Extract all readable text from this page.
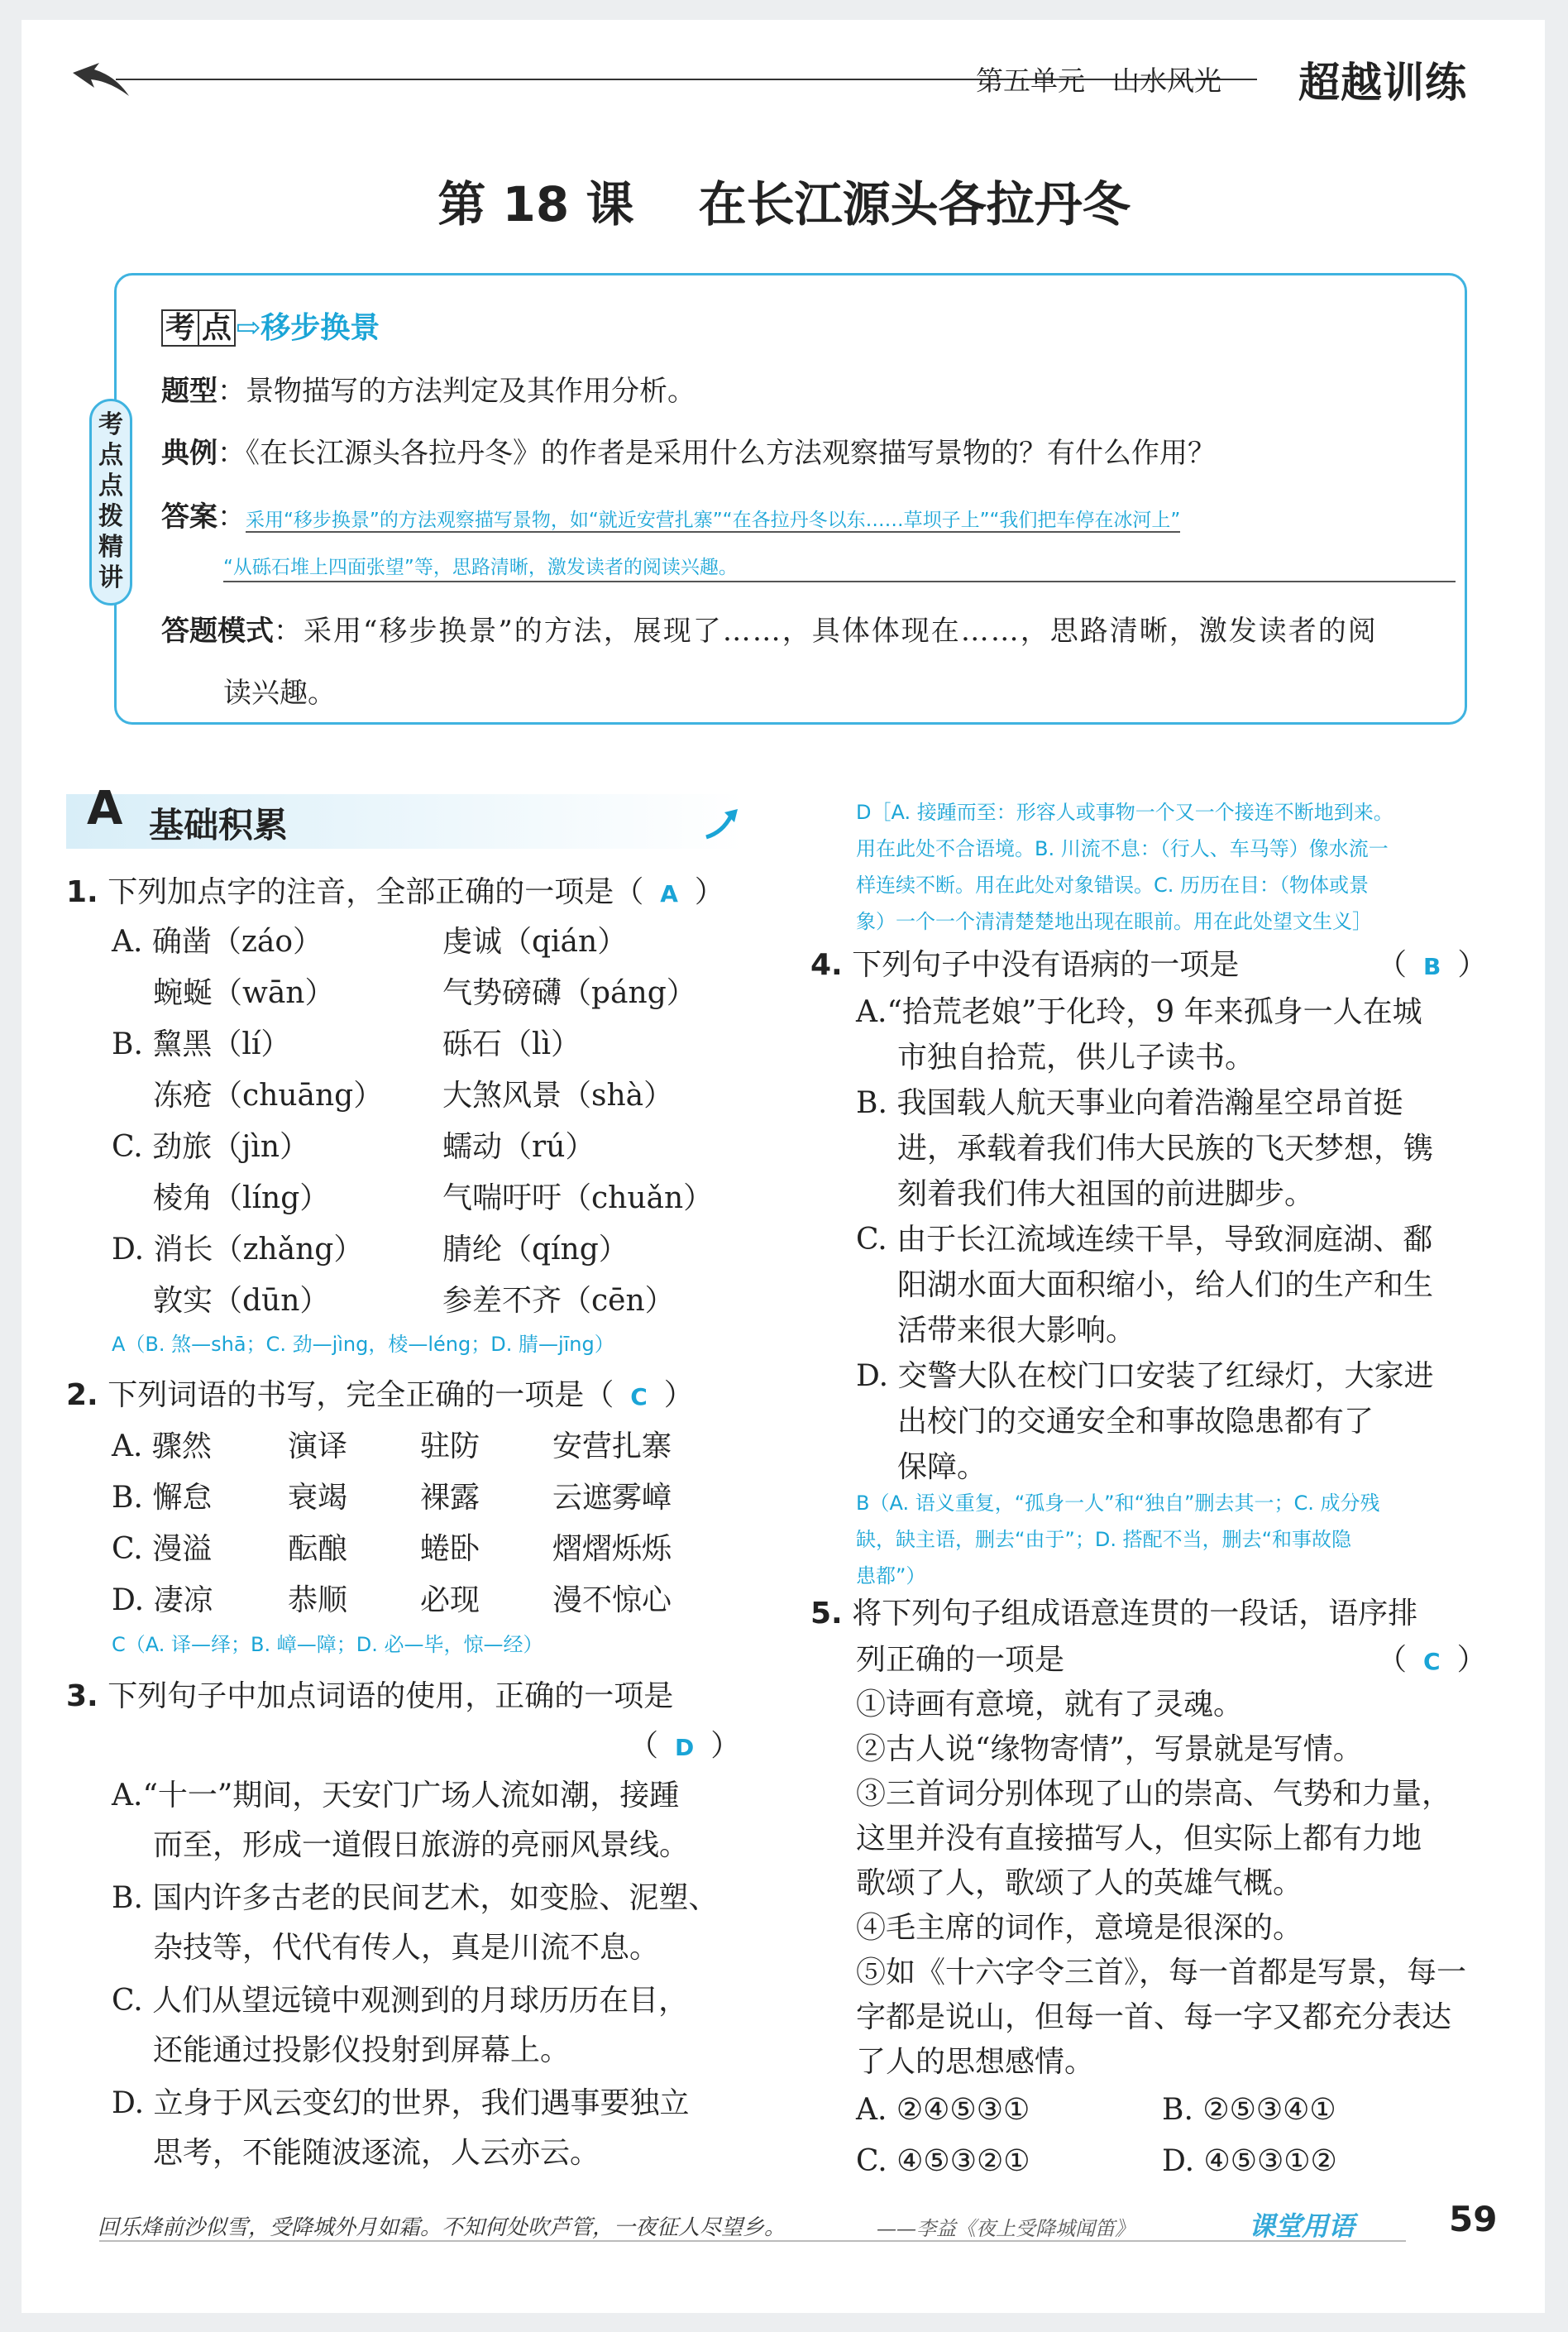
第五单元　山水风光 超越训练
第 18 课　 在长江源头各拉丹冬
考
点
点
拨
精
讲
考 点 ⇨移步换景
题型：景物描写的方法判定及其作用分析。
典例：《在长江源头各拉丹冬》的作者是采用什么方法观察描写景物的？有什么作用？
答案：采用“移步换景”的方法观察描写景物，如“就近安营扎寨”“在各拉丹冬以东……草坝子上”“我们把车停在冰河上”
“从砾石堆上四面张望”等，思路清晰，激发读者的阅读兴趣。
答题模式：采用“移步换景”的方法，展现了……，具体体现在……，思路清晰，激发读者的阅
读兴趣。
A 基础积累
1. 下列加点字的注音，全部正确的一项是（ A ）
A. 确凿（záo）	虔诚（qián）
蜿蜒（wān）	气势磅礴（páng）
B. 黧黑（lí）	砾石（lì）
冻疮（chuāng） 大煞风景（shà）
C. 劲旅（jìn）	蠕动（rú）
棱角（líng）	气喘吁吁（chuǎn）
D. 消长（zhǎng）	腈纶（qíng）
敦实（dūn）	参差不齐（cēn）
A（B. 煞—shā；C. 劲—jìng，棱—léng；D. 腈—jīng）
2. 下列词语的书写，完全正确的一项是（ C ）
A. 骤然	演译 驻防 安营扎寨
B. 懈怠	衰竭 裸露 云遮雾嶂
C. 漫溢	酝酿 蜷卧 熠熠烁烁
D. 凄凉	恭顺 必现 漫不惊心
C（A. 译—绎；B. 嶂—障；D. 必—毕，惊—经）
3. 下列句子中加点词语的使用，正确的一项是
（ D ）
A.“十一”期间，天安门广场人流如潮，接踵
而至，形成一道假日旅游的亮丽风景线。
B. 国内许多古老的民间艺术，如变脸、泥塑、
杂技等，代代有传人，真是川流不息。
C. 人们从望远镜中观测到的月球历历在目，
还能通过投影仪投射到屏幕上。
D. 立身于风云变幻的世界，我们遇事要独立
思考，不能随波逐流，人云亦云。
D［A. 接踵而至：形容人或事物一个又一个接连不断地到来。
用在此处不合语境。B. 川流不息：（行人、车马等）像水流一
样连续不断。用在此处对象错误。C. 历历在目：（物体或景
象）一个一个清清楚楚地出现在眼前。用在此处望文生义］
4. 下列句子中没有语病的一项是	（ B ）
A.“拾荒老娘”于化玲，9 年来孤身一人在城
市独自拾荒，供儿子读书。
B. 我国载人航天事业向着浩瀚星空昂首挺
进，承载着我们伟大民族的飞天梦想，镌
刻着我们伟大祖国的前进脚步。
C. 由于长江流域连续干旱，导致洞庭湖、鄱
阳湖水面大面积缩小，给人们的生产和生
活带来很大影响。
D. 交警大队在校门口安装了红绿灯，大家进
出校门的交通安全和事故隐患都有了
保障。
B（A. 语义重复，“孤身一人”和“独自”删去其一；C. 成分残
缺，缺主语，删去“由于”；D. 搭配不当，删去“和事故隐
患都”）
5. 将下列句子组成语意连贯的一段话，语序排
列正确的一项是	（ C ）
①诗画有意境，就有了灵魂。
②古人说“缘物寄情”，写景就是写情。
③三首词分别体现了山的崇高、气势和力量，
这里并没有直接描写人，但实际上都有力地
歌颂了人，歌颂了人的英雄气概。
④毛主席的词作，意境是很深的。
⑤如《十六字令三首》，每一首都是写景，每一
字都是说山，但每一首、每一字又都充分表达
了人的思想感情。
A. ②④⑤③①	B. ②⑤③④①
C. ④⑤③②①	D. ④⑤③①②
回乐烽前沙似雪，受降城外月如霜。不知何处吹芦管，一夜征人尽望乡。	——李益《夜上受降城闻笛》	课堂用语	59
